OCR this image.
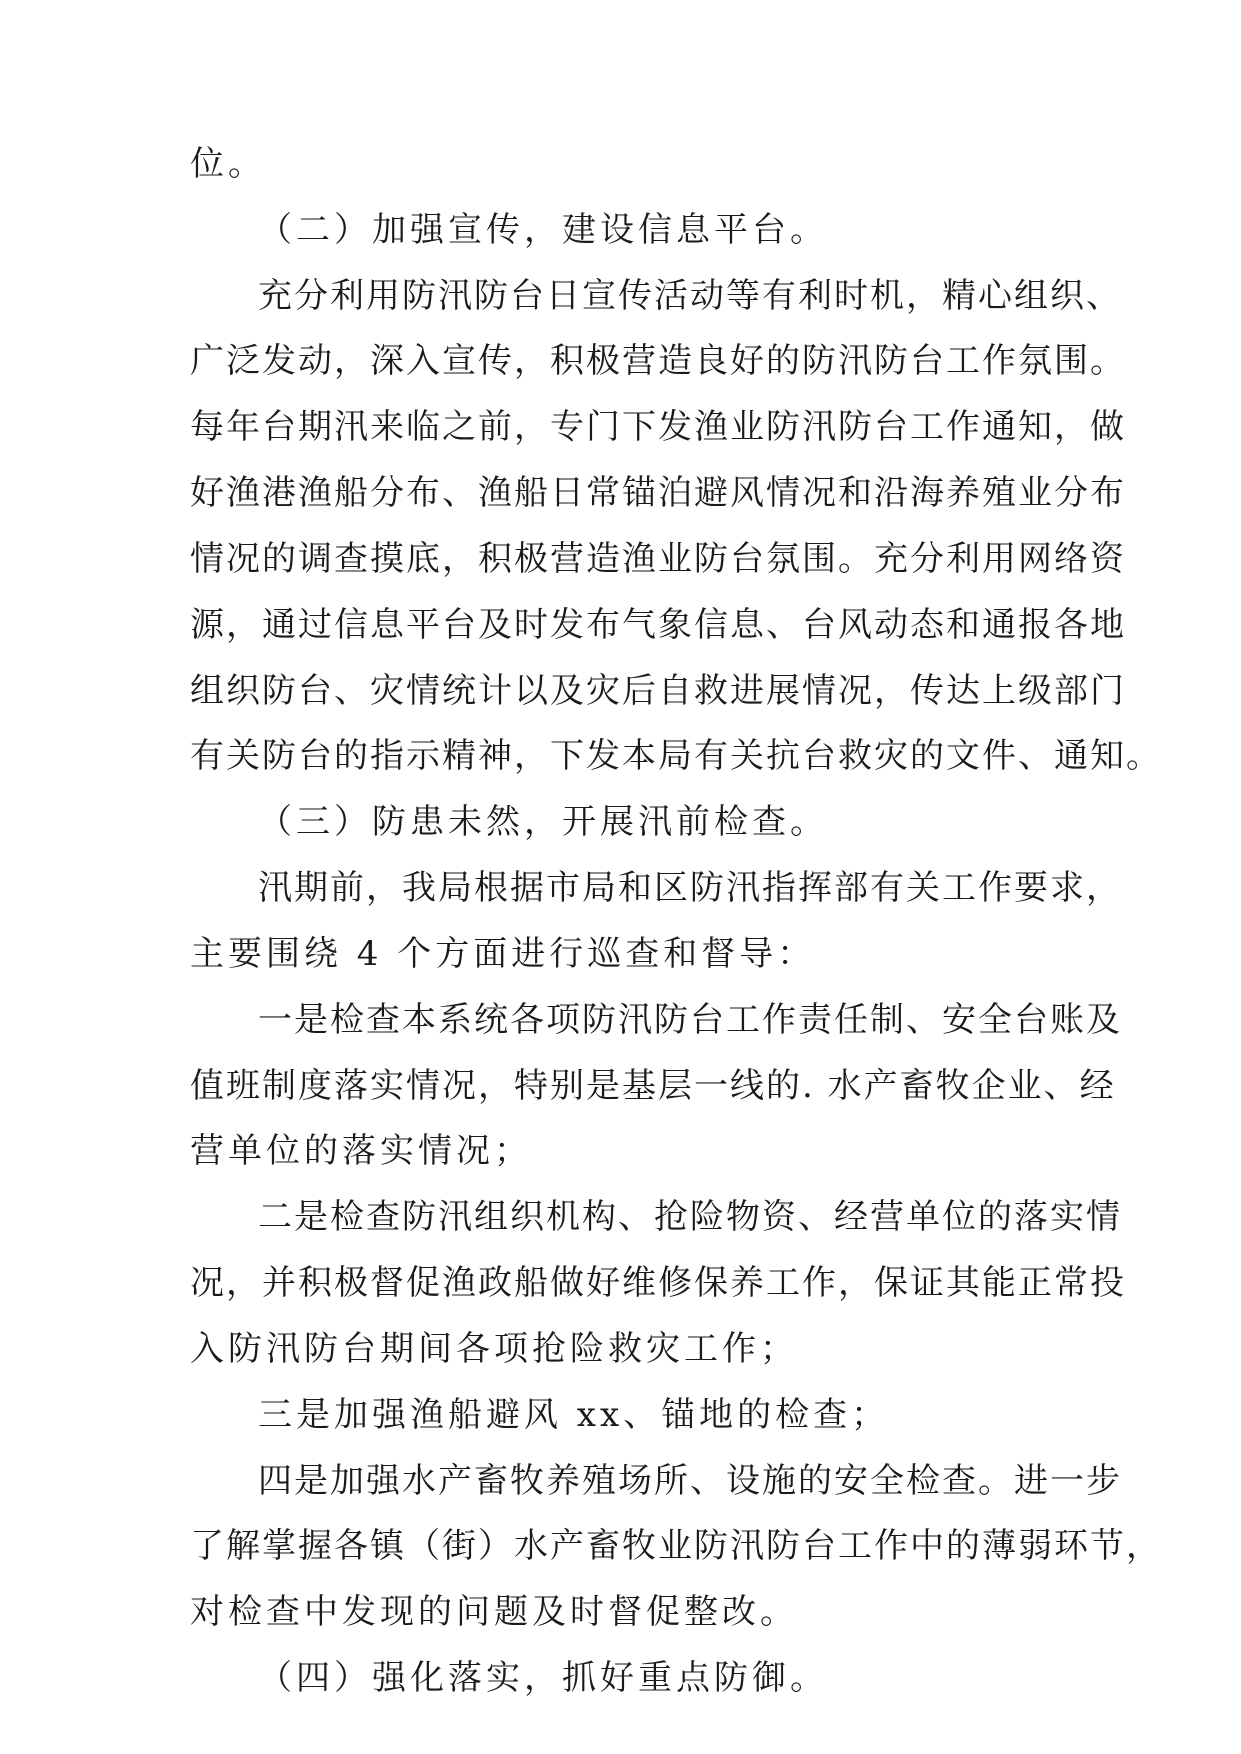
位。
（二）加强宣传，建设信息平台。
充分利用防汛防台日宣传活动等有利时机，精心组织、
广泛发动，深入宣传，积极营造良好的防汛防台工作氛围。
每年台期汛来临之前，专门下发渔业防汛防台工作通知，做
好渔港渔船分布、渔船日常锚泊避风情况和沿海养殖业分布
情况的调查摸底，积极营造渔业防台氛围。充分利用网络资
源，通过信息平台及时发布气象信息、台风动态和通报各地
组织防台、灾情统计以及灾后自救进展情况，传达上级部门
有关防台的指示精神，下发本局有关抗台救灾的文件、通知。
（三）防患未然，开展汛前检查。
汛期前，我局根据市局和区防汛指挥部有关工作要求，
主要围绕 4 个方面进行巡查和督导：
一是检查本系统各项防汛防台工作责任制、安全台账及
值班制度落实情况，特别是基层一线的. 水产畜牧企业、经
营单位的落实情况；
二是检查防汛组织机构、抢险物资、经营单位的落实情
况，并积极督促渔政船做好维修保养工作，保证其能正常投
入防汛防台期间各项抢险救灾工作；
三是加强渔船避风 xx、锚地的检查；
四是加强水产畜牧养殖场所、设施的安全检查。进一步
了解掌握各镇（街）水产畜牧业防汛防台工作中的薄弱环节，
对检查中发现的问题及时督促整改。
（四）强化落实，抓好重点防御。
